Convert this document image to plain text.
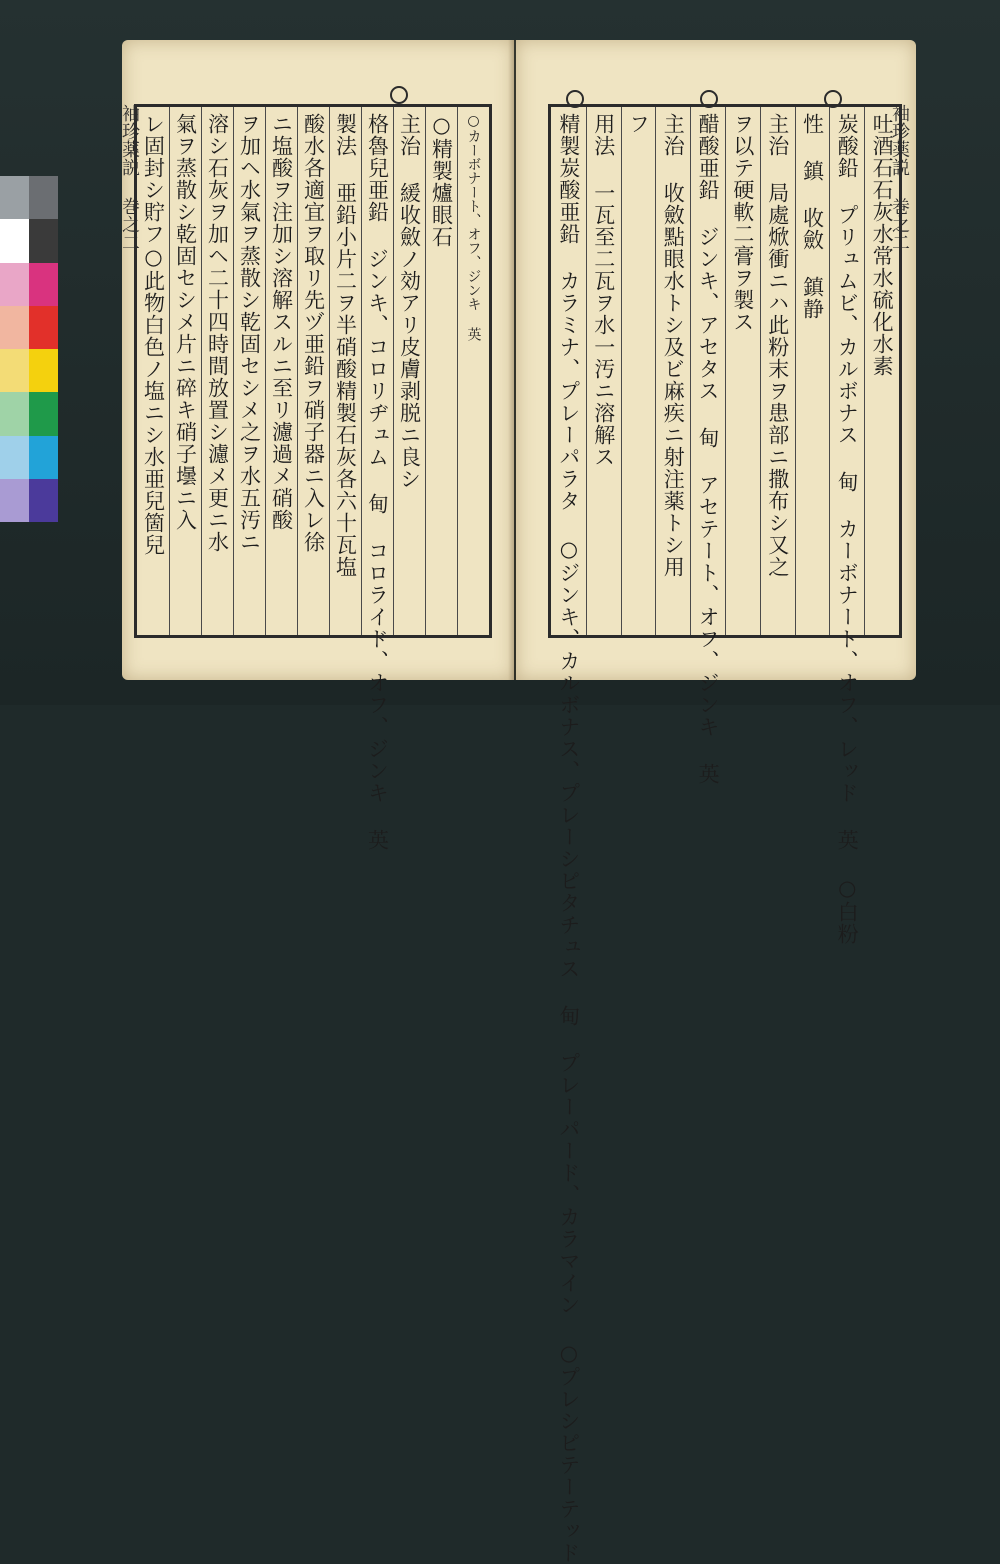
袖珍薬説 巻之二	○カーボナート、オフ、ジンキ 英
○精製爐眼石
主治 緩收斂ノ効アリ皮膚剥脱ニ良シ
格魯兒亜鉛 ジンキ、コロリヂュム 甸 コロライド、オフ、ジンキ 英
製法 亜鉛小片二ヲ半硝酸精製石灰各六十瓦塩
酸水各適宜ヲ取リ先ヅ亜鉛ヲ硝子器ニ入レ徐
ニ塩酸ヲ注加シ溶解スルニ至リ濾過メ硝酸
ヲ加ヘ水氣ヲ蒸散シ乾固セシメ之ヲ水五汚ニ
溶シ石灰ヲ加ヘ二十四時間放置シ濾メ更ニ水
氣ヲ蒸散シ乾固セシメ片ニ碎キ硝子壜ニ入
レ固封シ貯フ○此物白色ノ塩ニシ水亜兒箇兒	袖珍薬説 巻之二
吐酒石石灰水常水硫化水素
炭酸鉛 プリュムビ、カルボナス 甸 カーボナート、オフ、レッド 英 ○白粉
性 鎮 收斂 鎮静
主治 局處焮衝ニハ此粉末ヲ患部ニ撒布シ又之
ヲ以テ硬軟二膏ヲ製ス
醋酸亜鉛 ジンキ、アセタス 甸 アセテート、オフ、ジンキ 英
主治 收斂點眼水トシ及ビ麻疾ニ射注薬トシ用
フ
用法 一瓦至二瓦ヲ水一汚ニ溶解ス
精製炭酸亜鉛 カラミナ、プレーパラタ ○ジンキ、カルボナス、プレーシピタチュス 甸 プレーパード、カラマイン ○プレシピテーテッド
